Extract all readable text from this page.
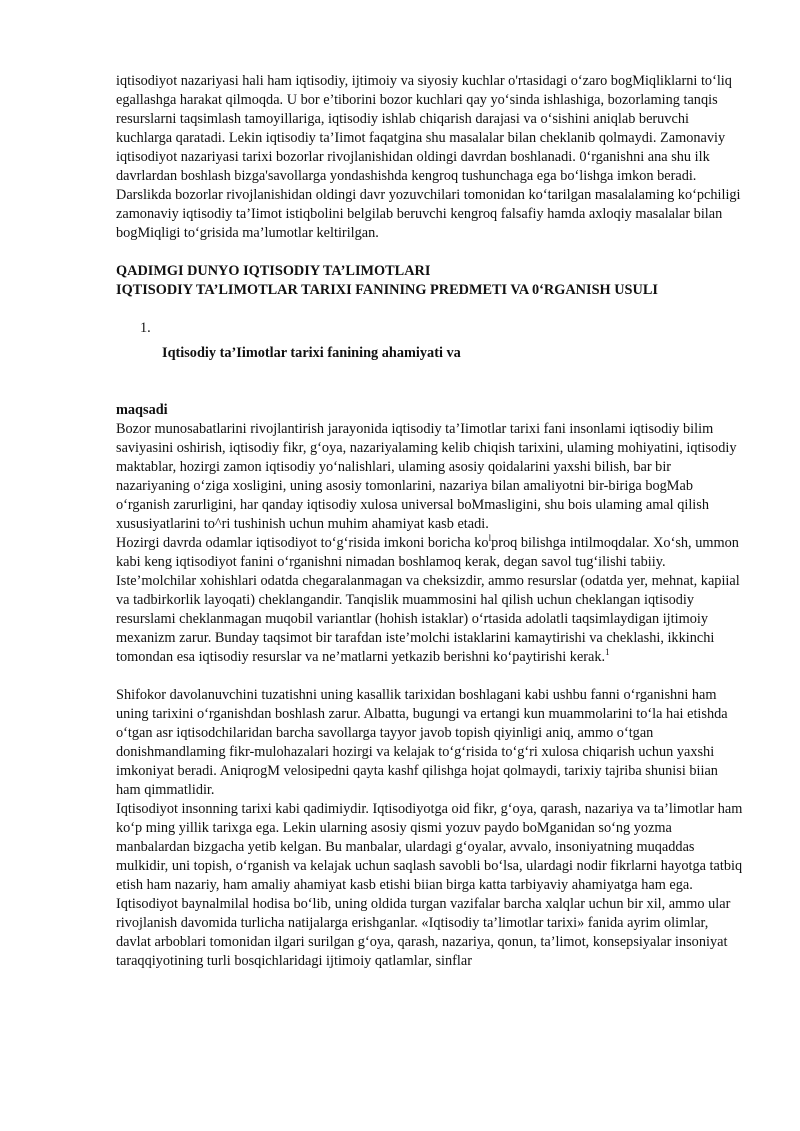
iqtisodiyot nazariyasi hali ham iqtisodiy, ijtimoiy va siyosiy kuchlar o'rtasidagi o‘zaro bogMiqliklarni to‘liq egallashga harakat qilmoqda. U bor e’tiborini bozor kuchlari qay yo‘sinda ishlashiga, bozorlaming tanqis resurslarni taqsimlash tamoyillariga, iqtisodiy ishlab chiqarish darajasi va o‘sishini aniqlab beruvchi kuchlarga qaratadi. Lekin iqtisodiy ta’Iimot faqatgina shu masalalar bilan cheklanib qolmaydi. Zamonaviy iqtisodiyot nazariyasi tarixi bozorlar rivojlanishidan oldingi davrdan boshlanadi. 0‘rganishni ana shu ilk davrlardan boshlash bizga'savollarga yondashishda kengroq tushunchaga ega bo‘lishga imkon beradi. Darslikda bozorlar rivojlanishidan oldingi davr yozuvchilari tomonidan ko‘tarilgan masalalaming ko‘pchiligi zamonaviy iqtisodiy ta’Iimot istiqbolini belgilab beruvchi kengroq falsafiy hamda axloqiy masalalar bilan bogMiqligi to‘grisida ma’lumotlar keltirilgan.

QADIMGI DUNYO IQTISODIY TA’LIMOTLARI

IQTISODIY TA’LIMOTLAR TARIXI FANINING PREDMETI VA 0‘RGANISH USULI

1.

Iqtisodiy ta’Iimotlar tarixi fanining ahamiyati va

maqsadi

Bozor munosabatlarini rivojlantirish jarayonida iqtisodiy ta’Iimotlar tarixi fani insonlami iqtisodiy bilim saviyasini oshirish, iqtisodiy fikr, g‘oya, nazariyalaming kelib chiqish tarixini, ulaming mohiyatini, iqtisodiy maktablar, hozirgi zamon iqtisodiy yo‘nalishlari, ulaming asosiy qoidalarini yaxshi bilish, bar bir nazariyaning o‘ziga xosligini, uning asosiy tomonlarini, nazariya bilan amaliyotni bir-biriga bogMab o‘rganish zarurligini, har qanday iqtisodiy xulosa universal boMmasligini, shu bois ulaming amal qilish xususiyatlarini to^ri tushinish uchun muhim ahamiyat kasb etadi.

Hozirgi davrda odamlar iqtisodiyot to‘g‘risida imkoni boricha $ko^lproq$ bilishga intilmoqdalar. Xo‘sh, ummon kabi keng iqtisodiyot fanini o‘rganishni nimadan boshlamoq kerak, degan savol tug‘ilishi tabiiy.

Iste’molchilar xohishlari odatda chegaralanmagan va cheksizdir, ammo resurslar (odatda yer, mehnat, kapiial va tadbirkorlik layoqati) cheklangandir. Tanqislik muammosini hal qilish uchun cheklangan iqtisodiy resurslami cheklanmagan muqobil variantlar (hohish istaklar) o‘rtasida adolatli taqsimlaydigan ijtimoiy mexanizm zarur. Bunday taqsimot bir tarafdan iste’molchi istaklarini kamaytirishi va cheklashi, ikkinchi tomondan esa iqtisodiy resurslar va ne’matlarni yetkazib berishni ko‘paytirishi kerak.$^1$

Shifokor davolanuvchini tuzatishni uning kasallik tarixidan boshlagani kabi ushbu fanni o‘rganishni ham uning tarixini o‘rganishdan boshlash zarur. Albatta, bugungi va ertangi kun muammolarini to‘la hai etishda o‘tgan asr iqtisodchilaridan barcha savollarga tayyor javob topish qiyinligi aniq, ammo o‘tgan donishmandlaming fikr-mulohazalari hozirgi va kelajak to‘g‘risida to‘g‘ri xulosa chiqarish uchun yaxshi imkoniyat beradi. AniqrogM velosipedni qayta kashf qilishga hojat qolmaydi, tarixiy tajriba shunisi biian ham qimmatlidir.

Iqtisodiyot insonning tarixi kabi qadimiydir. Iqtisodiyotga oid fikr, g‘oya, qarash, nazariya va ta’limotlar ham ko‘p ming yillik tarixga ega. Lekin ularning asosiy qismi yozuv paydo boMganidan so‘ng yozma manbalardan bizgacha yetib kelgan. Bu manbalar, ulardagi g‘oyalar, avvalo, insoniyatning muqaddas mulkidir, uni topish, o‘rganish va kelajak uchun saqlash savobli bo‘lsa, ulardagi nodir fikrlarni hayotga tatbiq etish ham nazariy, ham amaliy ahamiyat kasb etishi biian birga katta tarbiyaviy ahamiyatga ham ega.

Iqtisodiyot baynalmilal hodisa bo‘lib, uning oldida turgan vazifalar barcha xalqlar uchun bir xil, ammo ular rivojlanish davomida turlicha natijalarga erishganlar. «Iqtisodiy ta’limotlar tarixi» fanida ayrim olimlar, davlat arboblari tomonidan ilgari surilgan g‘oya, qarash, nazariya, qonun, ta’limot, konsepsiyalar insoniyat taraqqiyotining turli bosqichlaridagi ijtimoiy qatlamlar, sinflar
